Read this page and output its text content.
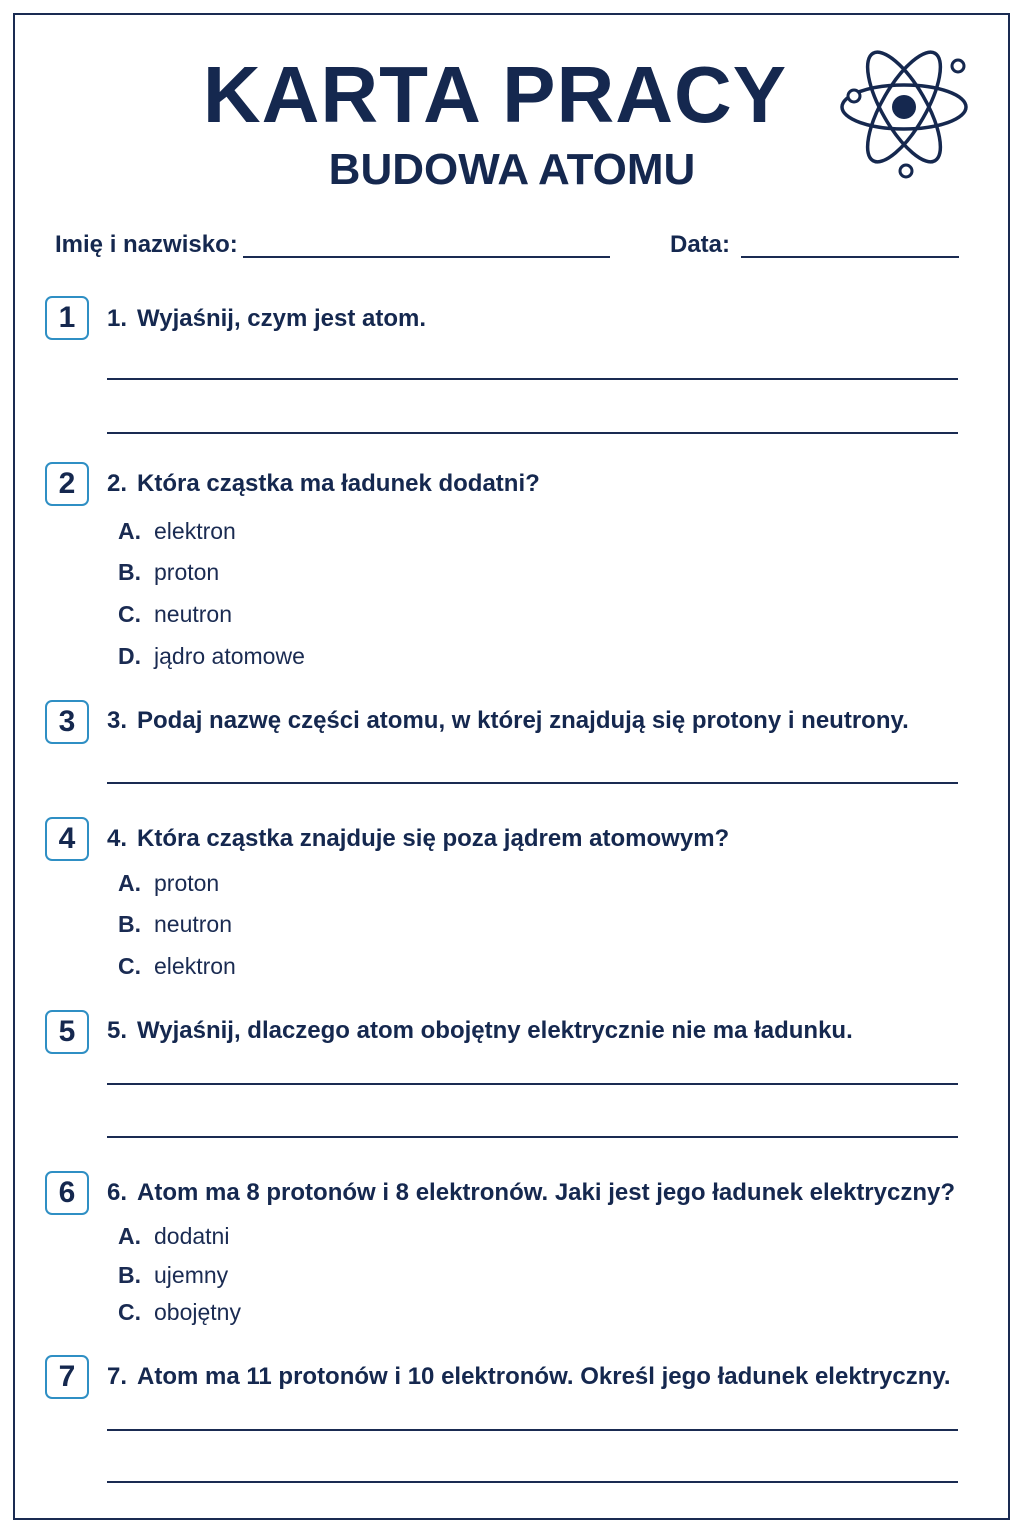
KARTA PRACY
BUDOWA ATOMU
Imię i nazwisko:	Data:
1	1. Wyjaśnij, czym jest atom.
2	2. Która cząstka ma ładunek dodatni?
A. elektron
B. proton
C. neutron
D. jądro atomowe
3	3. Podaj nazwę części atomu, w której znajdują się protony i neutrony.
4	4. Która cząstka znajduje się poza jądrem atomowym?
A. proton
B. neutron
C. elektron
5	5. Wyjaśnij, dlaczego atom obojętny elektrycznie nie ma ładunku.
6	6. Atom ma 8 protonów i 8 elektronów. Jaki jest jego ładunek elektryczny?
A. dodatni
B. ujemny
C. obojętny
7	7. Atom ma 11 protonów i 10 elektronów. Określ jego ładunek elektryczny.
